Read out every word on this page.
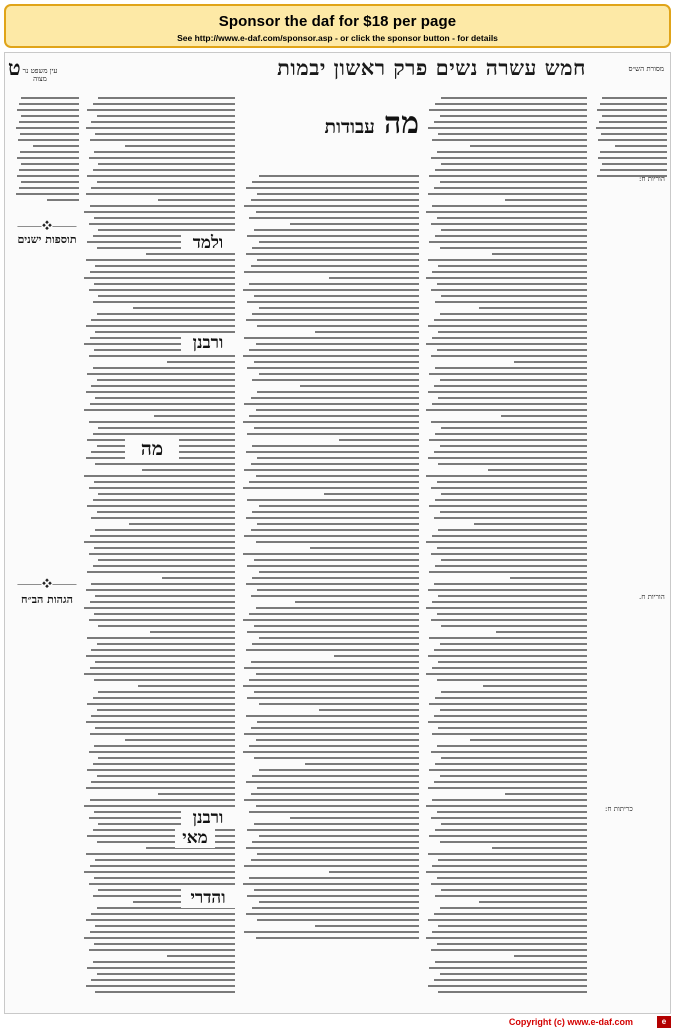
Sponsor the daf for $18 per page
See http://www.e-daf.com/sponsor.asp - or click the sponsor button - for details
ט עין משפט נר מצוה	חמש עשרה נשים פרק ראשון יבמות	מסורת הש״ס
מה עבודות
תוספות ישנים
⸻❖⸻
⸻❖⸻
הגהות הב״ח
ולמד
ורבנן
מה
ורבנן
מאי
והדרי
הוריות ח:
הוריות ח.
כריתות ח:
Copyright (c) www.e-daf.com	e
